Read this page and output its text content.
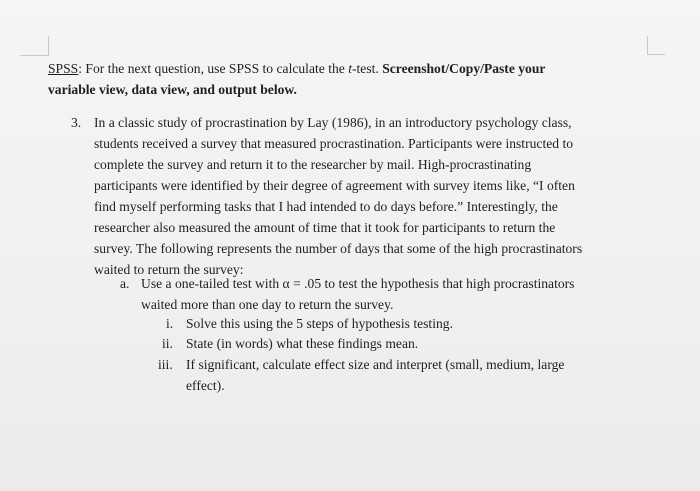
SPSS: For the next question, use SPSS to calculate the t-test. Screenshot/Copy/Paste your
variable view, data view, and output below.
3. In a classic study of procrastination by Lay (1986), in an introductory psychology class,
students received a survey that measured procrastination. Participants were instructed to
complete the survey and return it to the researcher by mail. High-procrastinating
participants were identified by their degree of agreement with survey items like, “I often
find myself performing tasks that I had intended to do days before.” Interestingly, the
researcher also measured the amount of time that it took for participants to return the
survey. The following represents the number of days that some of the high procrastinators
waited to return the survey:
a. Use a one-tailed test with α = .05 to test the hypothesis that high procrastinators
waited more than one day to return the survey.
i. Solve this using the 5 steps of hypothesis testing.
ii. State (in words) what these findings mean.
iii. If significant, calculate effect size and interpret (small, medium, large
effect).
